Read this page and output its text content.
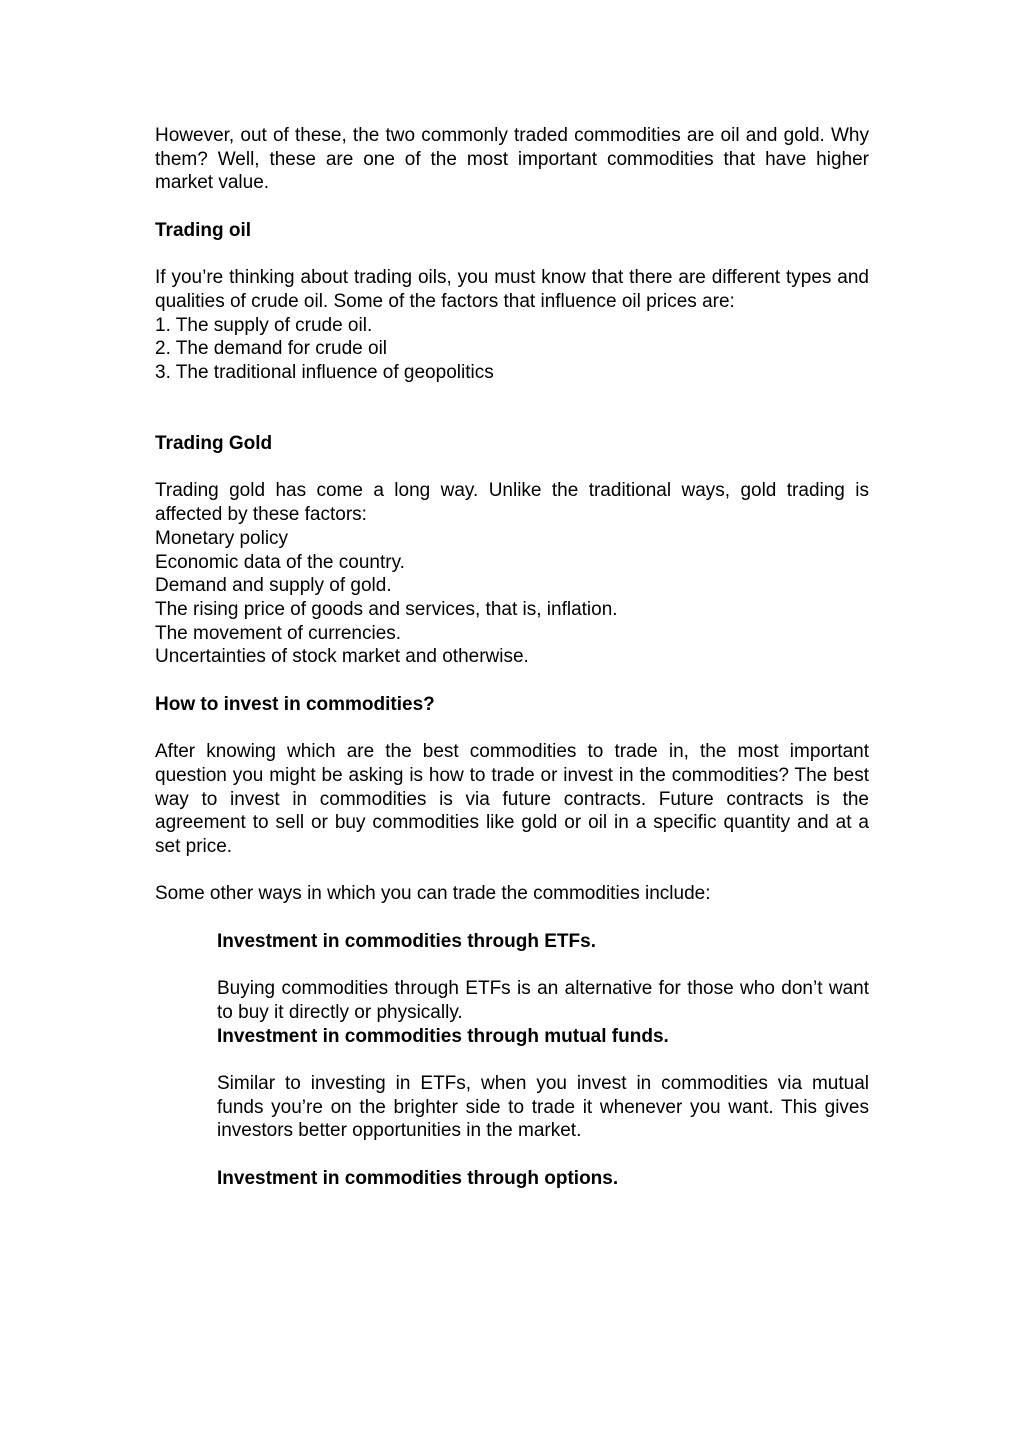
However, out of these, the two commonly traded commodities are oil and gold. Why them? Well, these are one of the most important commodities that have higher market value.

Trading oil

If you’re thinking about trading oils, you must know that there are different types and qualities of crude oil. Some of the factors that influence oil prices are:

1. The supply of crude oil.
2. The demand for crude oil
3. The traditional influence of geopolitics
Trading Gold

Trading gold has come a long way. Unlike the traditional ways, gold trading is affected by these factors:

Monetary policy
Economic data of the country.
Demand and supply of gold.
The rising price of goods and services, that is, inflation.
The movement of currencies.
Uncertainties of stock market and otherwise.
How to invest in commodities?

After knowing which are the best commodities to trade in, the most important question you might be asking is how to trade or invest in the commodities? The best way to invest in commodities is via future contracts. Future contracts is the agreement to sell or buy commodities like gold or oil in a specific quantity and at a set price.

Some other ways in which you can trade the commodities include:

Investment in commodities through ETFs.

Buying commodities through ETFs is an alternative for those who don’t want to buy it directly or physically.

Investment in commodities through mutual funds.

Similar to investing in ETFs, when you invest in commodities via mutual funds you’re on the brighter side to trade it whenever you want. This gives investors better opportunities in the market.

Investment in commodities through options.
